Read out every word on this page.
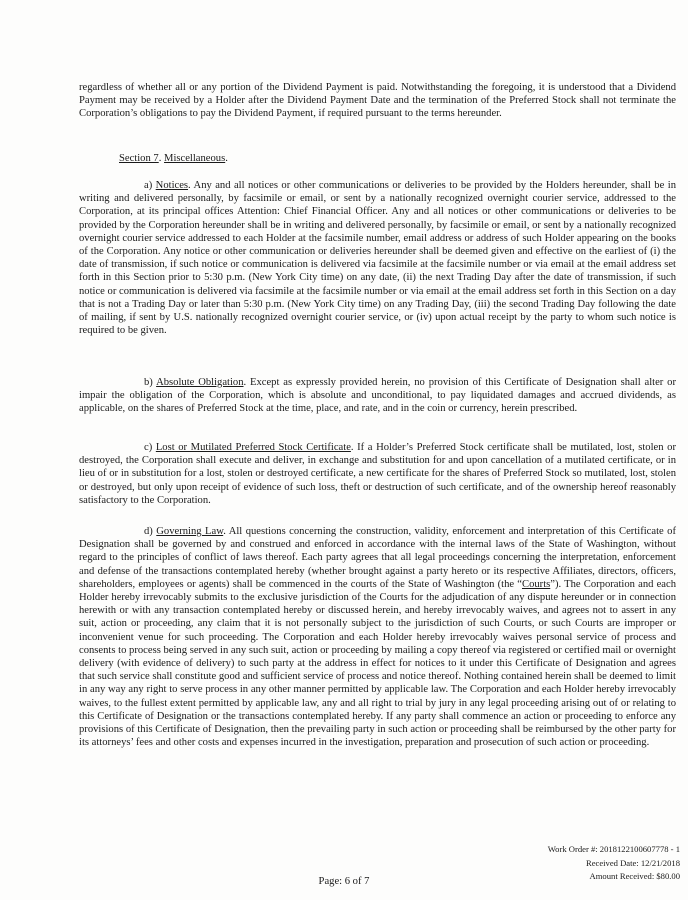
regardless of whether all or any portion of the Dividend Payment is paid. Notwithstanding the foregoing, it is understood that a Dividend Payment may be received by a Holder after the Dividend Payment Date and the termination of the Preferred Stock shall not terminate the Corporation’s obligations to pay the Dividend Payment, if required pursuant to the terms hereunder.

Section 7. Miscellaneous.

a) Notices. Any and all notices or other communications or deliveries to be provided by the Holders hereunder, shall be in writing and delivered personally, by facsimile or email, or sent by a nationally recognized overnight courier service, addressed to the Corporation, at its principal offices Attention: Chief Financial Officer. Any and all notices or other communications or deliveries to be provided by the Corporation hereunder shall be in writing and delivered personally, by facsimile or email, or sent by a nationally recognized overnight courier service addressed to each Holder at the facsimile number, email address or address of such Holder appearing on the books of the Corporation. Any notice or other communication or deliveries hereunder shall be deemed given and effective on the earliest of (i) the date of transmission, if such notice or communication is delivered via facsimile at the facsimile number or via email at the email address set forth in this Section prior to 5:30 p.m. (New York City time) on any date, (ii) the next Trading Day after the date of transmission, if such notice or communication is delivered via facsimile at the facsimile number or via email at the email address set forth in this Section on a day that is not a Trading Day or later than 5:30 p.m. (New York City time) on any Trading Day, (iii) the second Trading Day following the date of mailing, if sent by U.S. nationally recognized overnight courier service, or (iv) upon actual receipt by the party to whom such notice is required to be given.

b) Absolute Obligation. Except as expressly provided herein, no provision of this Certificate of Designation shall alter or impair the obligation of the Corporation, which is absolute and unconditional, to pay liquidated damages and accrued dividends, as applicable, on the shares of Preferred Stock at the time, place, and rate, and in the coin or currency, herein prescribed.

c) Lost or Mutilated Preferred Stock Certificate. If a Holder’s Preferred Stock certificate shall be mutilated, lost, stolen or destroyed, the Corporation shall execute and deliver, in exchange and substitution for and upon cancellation of a mutilated certificate, or in lieu of or in substitution for a lost, stolen or destroyed certificate, a new certificate for the shares of Preferred Stock so mutilated, lost, stolen or destroyed, but only upon receipt of evidence of such loss, theft or destruction of such certificate, and of the ownership hereof reasonably satisfactory to the Corporation.

d) Governing Law. All questions concerning the construction, validity, enforcement and interpretation of this Certificate of Designation shall be governed by and construed and enforced in accordance with the internal laws of the State of Washington, without regard to the principles of conflict of laws thereof. Each party agrees that all legal proceedings concerning the interpretation, enforcement and defense of the transactions contemplated hereby (whether brought against a party hereto or its respective Affiliates, directors, officers, shareholders, employees or agents) shall be commenced in the courts of the State of Washington (the “Courts”). The Corporation and each Holder hereby irrevocably submits to the exclusive jurisdiction of the Courts for the adjudication of any dispute hereunder or in connection herewith or with any transaction contemplated hereby or discussed herein, and hereby irrevocably waives, and agrees not to assert in any suit, action or proceeding, any claim that it is not personally subject to the jurisdiction of such Courts, or such Courts are improper or inconvenient venue for such proceeding. The Corporation and each Holder hereby irrevocably waives personal service of process and consents to process being served in any such suit, action or proceeding by mailing a copy thereof via registered or certified mail or overnight delivery (with evidence of delivery) to such party at the address in effect for notices to it under this Certificate of Designation and agrees that such service shall constitute good and sufficient service of process and notice thereof. Nothing contained herein shall be deemed to limit in any way any right to serve process in any other manner permitted by applicable law. The Corporation and each Holder hereby irrevocably waives, to the fullest extent permitted by applicable law, any and all right to trial by jury in any legal proceeding arising out of or relating to this Certificate of Designation or the transactions contemplated hereby. If any party shall commence an action or proceeding to enforce any provisions of this Certificate of Designation, then the prevailing party in such action or proceeding shall be reimbursed by the other party for its attorneys’ fees and other costs and expenses incurred in the investigation, preparation and prosecution of such action or proceeding.

Page: 6 of 7
Work Order #: 2018122100607778 - 1
Received Date: 12/21/2018
Amount Received: $80.00
